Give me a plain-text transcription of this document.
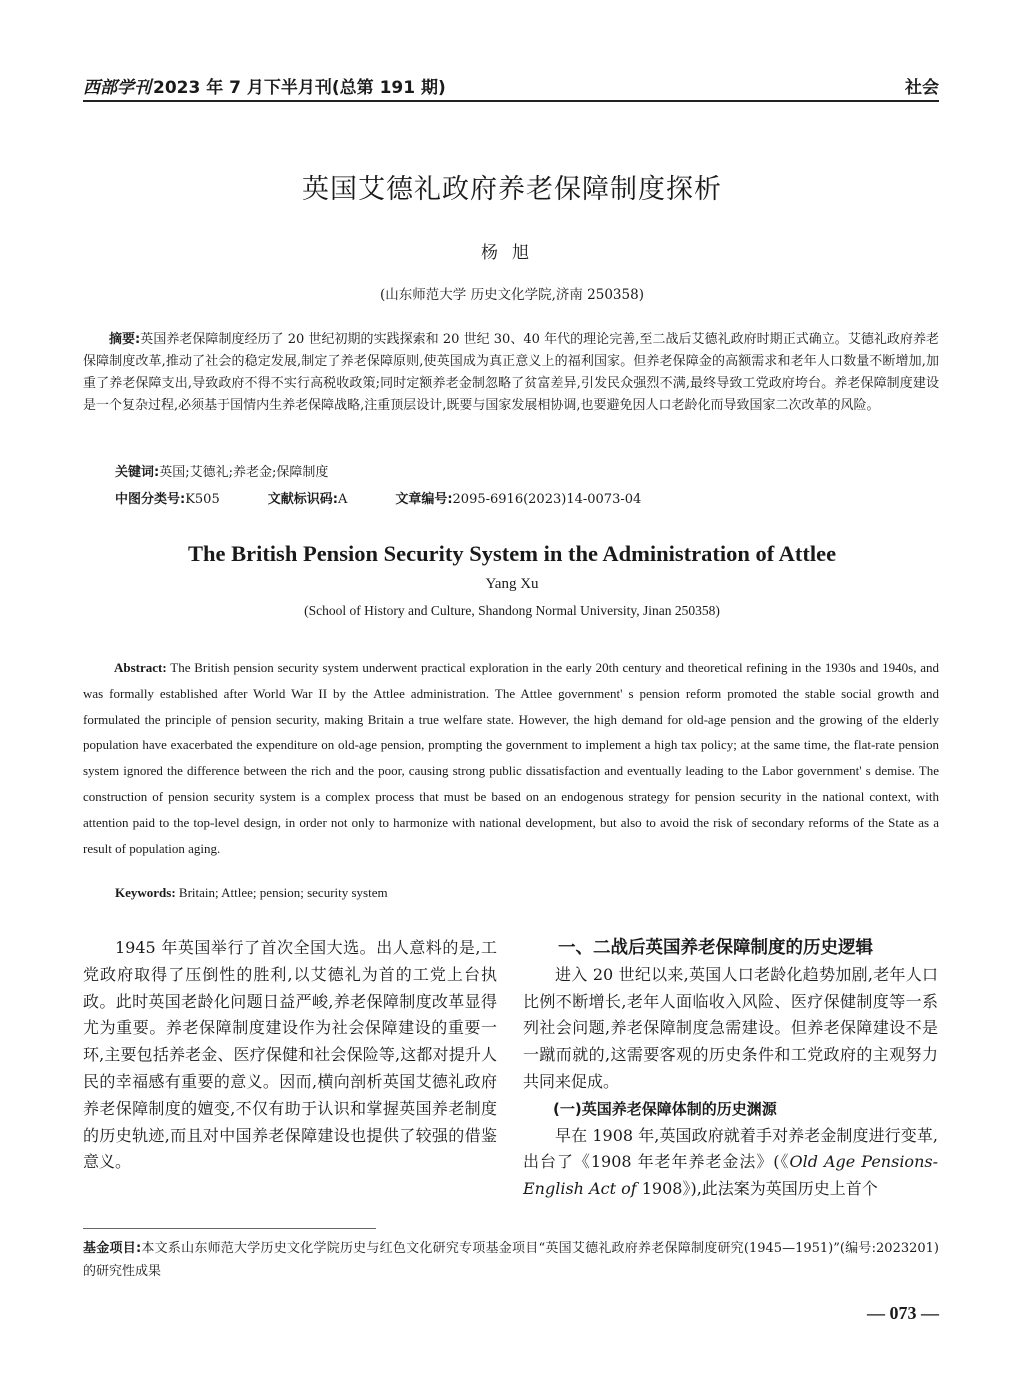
西部学刊 2023 年 7 月下半月刊(总第 191 期)	社会
英国艾德礼政府养老保障制度探析
杨旭
(山东师范大学 历史文化学院,济南 250358)
摘要:英国养老保障制度经历了 20 世纪初期的实践探索和 20 世纪 30、40 年代的理论完善,至二战后艾德礼政府时期正式确立。艾德礼政府养老保障制度改革,推动了社会的稳定发展,制定了养老保障原则,使英国成为真正意义上的福利国家。但养老保障金的高额需求和老年人口数量不断增加,加重了养老保障支出,导致政府不得不实行高税收政策;同时定额养老金制忽略了贫富差异,引发民众强烈不满,最终导致工党政府垮台。养老保障制度建设是一个复杂过程,必须基于国情内生养老保障战略,注重顶层设计,既要与国家发展相协调,也要避免因人口老龄化而导致国家二次改革的风险。
关键词:英国;艾德礼;养老金;保障制度
中图分类号:K505	文献标识码:A	文章编号:2095-6916(2023)14-0073-04
The British Pension Security System in the Administration of Attlee
Yang Xu
(School of History and Culture, Shandong Normal University, Jinan 250358)
Abstract: The British pension security system underwent practical exploration in the early 20th century and theoretical refining in the 1930s and 1940s, and was formally established after World War II by the Attlee administration. The Attlee government' s pension reform promoted the stable social growth and formulated the principle of pension security, making Britain a true welfare state. However, the high demand for old-age pension and the growing of the elderly population have exacerbated the expenditure on old-age pension, prompting the government to implement a high tax policy; at the same time, the flat-rate pension system ignored the difference between the rich and the poor, causing strong public dissatisfaction and eventually leading to the Labor government' s demise. The construction of pension security system is a complex process that must be based on an endogenous strategy for pension security in the national context, with attention paid to the top-level design, in order not only to harmonize with national development, but also to avoid the risk of secondary reforms of the State as a result of population aging.
Keywords: Britain; Attlee; pension; security system

1945 年英国举行了首次全国大选。出人意料的是,工党政府取得了压倒性的胜利,以艾德礼为首的工党上台执政。此时英国老龄化问题日益严峻,养老保障制度改革显得尤为重要。养老保障制度建设作为社会保障建设的重要一环,主要包括养老金、医疗保健和社会保险等,这都对提升人民的幸福感有重要的意义。因而,横向剖析英国艾德礼政府养老保障制度的嬗变,不仅有助于认识和掌握英国养老制度的历史轨迹,而且对中国养老保障建设也提供了较强的借鉴意义。

一、二战后英国养老保障制度的历史逻辑

进入 20 世纪以来,英国人口老龄化趋势加剧,老年人口比例不断增长,老年人面临收入风险、医疗保健制度等一系列社会问题,养老保障制度急需建设。但养老保障建设不是一蹴而就的,这需要客观的历史条件和工党政府的主观努力共同来促成。

(一)英国养老保障体制的历史渊源

早在 1908 年,英国政府就着手对养老金制度进行变革,出台了《1908 年老年养老金法》(《Old Age Pensions-English Act of 1908》),此法案为英国历史上首个

基金项目:本文系山东师范大学历史文化学院历史与红色文化研究专项基金项目“英国艾德礼政府养老保障制度研究(1945—1951)”(编号:2023201)的研究性成果
— 073 —
